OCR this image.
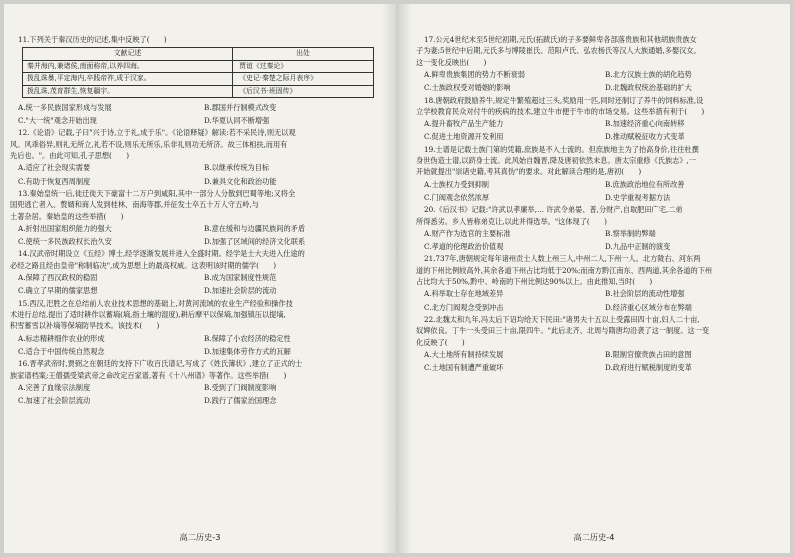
11.下列关于秦汉历史的记述,集中反映了(　　)
文献记述	出处
秦并海内,兼诸侯,南面称帝,以养四海。	贾谊《过秦论》
拨乱诛暴,平定海内,卒践帝祚,成于汉家。	《史记·秦楚之际月表序》
拨乱诛,茂育群生,恢复疆宇。	《后汉书·班固传》
A.统一多民族国家形成与发展	B.郡国并行制模式改变
C."大一统"观念开始出现	D.华夏认同不断增强
12.《论语》记载,子曰"兴于诗,立于礼,成于乐"。《论语释疑》解读:若不采民诗,则无以观
风。风乖俗异,则礼无所立,礼若不设,则乐无所乐,乐非礼则功无所济。故三体相扶,而用有
先后也。"。由此可知,孔子思想(　　)
A.适应了社会现实需要	B.以继承传统为目标
C.有助于恢复西周制度	D.兼具文化和政治功能
13.秦始皇统一后,徙迁徙天下豪富十二万户到咸阳,其中一部分人分散到巴蜀等地;又将全
国兜逃亡者入、赘婿和商人发到桂林、南海等郡,并征发士卒五十万人守五岭,与
土著杂居。秦始皇的这些举措(　　)
A.折射出国家组织能力的强大	B.意在缓和与边疆民族间的矛盾
C.使统一多民族政权长治久安	D.加强了区域间的经济文化联系
14.汉武帝时期设立《五经》博士,经学逐渐发展并进入全盛时期。经学是士大夫进入仕途的
必经之路且经由皇帝"称制临决",成为思想上的最高权威。这表明该时期的儒学(　　)
A.保障了西汉政权的稳固	B.成为国家制度性规范
C.确立了早期的儒家思想	D.加速社会阶层的流动
15.西汉,汜胜之在总结前人农业技术思想的基础上,对黄河流域的农业生产经验和操作技
术进行总结,提出了适时耕作以蓄墒(墒,指土壤的湿度),耕后摩平以保墒,加强镇压以提墒,
积雪蓄雪以补墒等保墒防旱技术。该技术(　　)
A.标志精耕细作农业的形成	B.保障了小农经济的稳定性
C.适合于中国传统自然观念	D.加速集体劳作方式的瓦解
16.晋孝武帝时,贾弼之在朝廷的支持下广收百氏谱记,写成了《姓氏簿状》,建立了正式的士
族家谱档案;王僧孺受梁武帝之命改定百家谱,著有《十八州谱》等著作。这些举措(　　)
A.完善了血缘宗法制度	B.受到了门阀制度影响
C.加速了社会阶层流动	D.践行了儒家治国理念
高二历史-3
17.公元4世纪末至5世纪初期,元氏(拓跋氏)的子多要鲜卑各部落贵族和其他胡族贵族女
子为妻;5世纪中后期,元氏多与博陵崔氏、范阳卢氏、弘农杨氏等汉人大族通婚,多娶汉女。
这一变化反映出(　　)
A.鲜卑贵族集团的势力不断衰弱	B.北方汉族士族的胡化趋势
C.士族政权受对婚姻的影响	D.北魏政权统治基础的扩大
18.唐朝政府鼓励养牛,规定牛繁殖超过三头,奖励用一匹,同时还制订了养牛的饲料标准,设
立学校教育民众对付牛的疾病的技术,建立牛市便于牛市的市场交易。这些举措有利于(　　)
A.提升畜牧产品生产能力	B.加速经济重心向南转移
C.促进土地资源开发利用	D.推动赋税征收方式变革
19.士谱是记载士族门第的凭籍,庶族是不入士流的。但庶族地主为了抬高身价,往往杜撰
身世伪造士谱,以跻身士流。此风始自魏晋,降及唐初依然未息。唐太宗重修《氏族志》,一
开始就提出"崇诸史籍,考其真伪"的要求。对此解读合理的是,唐初(　　)
A.士族权力受到抑制	B.庶族政治地位有所改善
C.门阀观念依然浓厚	D.史学重视考据方法
20.《后汉书》记载:"许武以孝廉举,… 许武令弟晏、普,分财产,自取肥田广宅,二弟
所得悉劣。乡人皆称弟克让,以此并得选举。"这体现了(　　)
A.财产作为选官的主要标准	B.察举制的弊端
C.孝道的伦理政治价值观	D.九品中正制的演变
21.737年,唐朝规定每年诸州贡士人数上州三人,中州二人,下州一人。北方陇右、河东两
道的下州比例较高外,其余各道下州占比均低于20%;而南方黔江南东、西两道,其余各道的下州
占比均大于50%,黔中、岭南的下州比例达90%以上。由此推知,当时(　　)
A.科举取士存在地域差异	B.社会阶层的流动性增强
C.北方门阀观念受到冲击	D.经济重心区域分布在弊端
22.北魏太和九年,冯太后下诏均给天下民田:"诸男夫十五以上受露田四十亩,妇人二十亩,
奴婢依良。丁牛一头受田三十亩,限四牛。"此后北齐、北周与隋唐均沿袭了这一制度。这一变
化反映了(　　)
A.大土地所有制持续发展	B.限制官僚贵族占田的意图
C.土地国有制遭严重破坏	D.政府进行赋税制度的变革
高二历史-4
